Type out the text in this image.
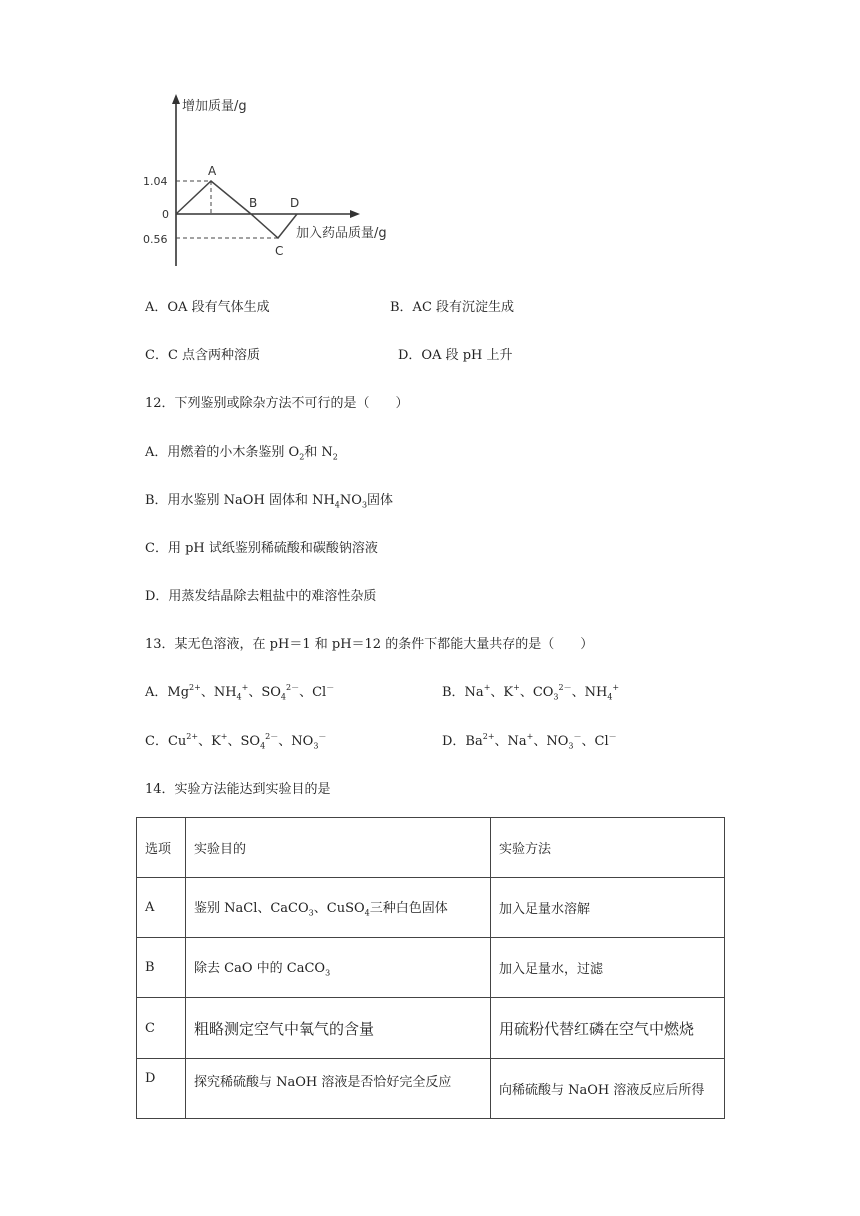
增加质量/g
加入药品质量/g
1.04
0
0.56
A
B
C
D
A．OA 段有气体生成	B．AC 段有沉淀生成
C．C 点含两种溶质	D．OA 段 pH 上升
12．下列鉴别或除杂方法不可行的是（　　）
A．用燃着的小木条鉴别 $O_2$和 $N_2$
B．用水鉴别 NaOH 固体和 $NH_4NO_3$固体
C．用 pH 试纸鉴别稀硫酸和碳酸钠溶液
D．用蒸发结晶除去粗盐中的难溶性杂质
13．某无色溶液，在 pH＝1 和 pH＝12 的条件下都能大量共存的是（　　）
A．$Mg^{2+}$、$NH_4^+$、$SO_4^{2-}$、Cl－	B．Na+、K+、$CO_3^{2-}$、$NH_4^+$
C．$Cu^{2+}$、K+、$SO_4^{2-}$、$NO_3^-$	D．$Ba^{2+}$、Na+、$NO_3^-$、Cl－
14．实验方法能达到实验目的是
选项	实验目的	实验方法
A	鉴别 NaCl、CaCO$_3$、CuSO$_4$三种白色固体	加入足量水溶解
B	除去 CaO 中的 CaCO$_3$	加入足量水，过滤
C	粗略测定空气中氧气的含量	用硫粉代替红磷在空气中燃烧
D	探究稀硫酸与 NaOH 溶液是否恰好完全反应	向稀硫酸与 NaOH 溶液反应后所得
